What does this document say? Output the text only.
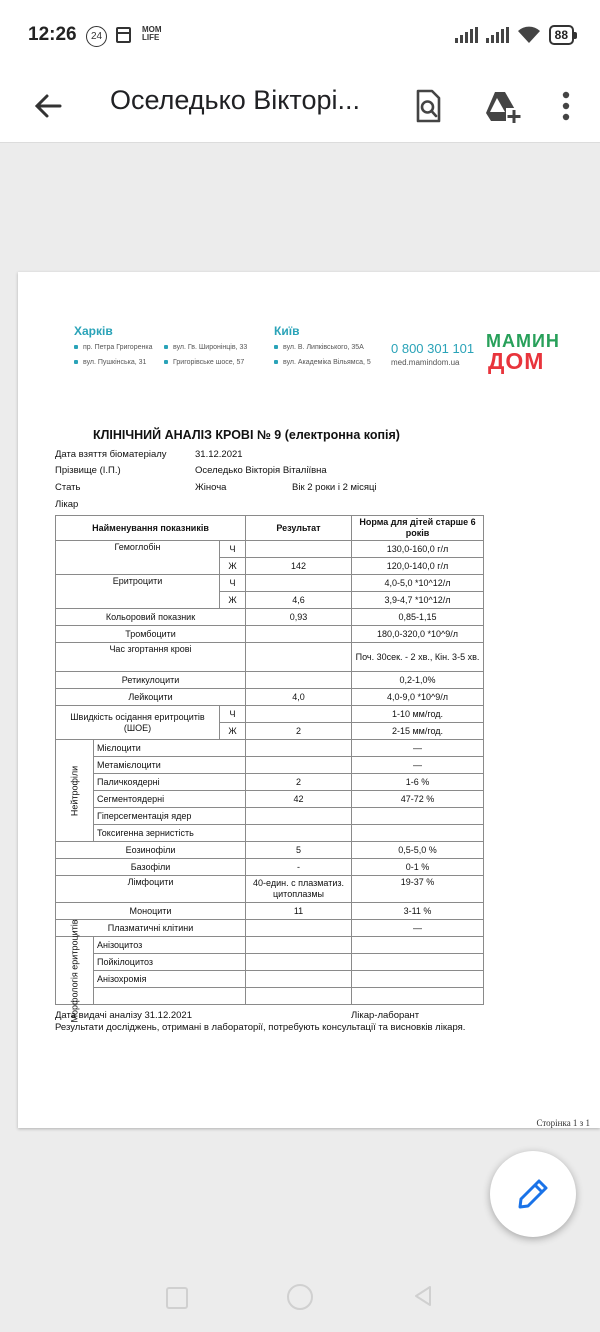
12:26	24
MOM LIFE	88
Оселедько Вікторі...
Харків
пр. Петра Григоренка
вул. Пушкінська, 31
вул. Гв. Широнінців, 33
Григорівське шосе, 57
Київ
вул. В. Липківського, 35А
вул. Академіка Вільямса, 5
0 800 301 101
med.mamindom.ua
МАМИН
ДОМ
КЛІНІЧНИЙ АНАЛІЗ КРОВІ № 9 (електронна копія)
Дата взяття біоматеріалу	31.12.2021
Прізвище (І.П.)	Оселедько Вікторія Віталіївна
Стать	Жіноча	Вік 2 роки і 2 місяці
Лікар
Найменування показників			Результат	Норма для дітей старше 6 років
Гемоглобін		Ч		130,0-160,0 г/л
		Ж	142	120,0-140,0 г/л
Еритроцити		Ч		4,0-5,0 *10^12/л
		Ж	4,6	3,9-4,7 *10^12/л
Кольоровий показник			0,93	0,85-1,15
Тромбоцити				180,0-320,0 *10^9/л
Час згортання крові				Поч. 30сек. - 2 хв., Кін. 3-5 хв.
Ретикулоцити				0,2-1,0%
Лейкоцити			4,0	4,0-9,0 *10^9/л
Швидкість осідання еритроцитів (ШОЕ)		Ч		1-10 мм/год.
		Ж	2	2-15 мм/год.

Нейтрофіли	Мієлоцити			—
	Метамієлоцити			—
	Паличкоядерні		2	1-6 %
	Сегментоядерні		42	47-72 %
	Гіперсегментація ядер			
	Токсигенна зернистість			
Еозинофіли			5	0,5-5,0 %
Базофіли			-	0-1 %
Лімфоцити			40-един. с плазматиз. цитоплазмы	19-37 %
Моноцити			11	3-11 %
Плазматичні клітини				—

Морфологія еритроцитів	Анізоцитоз			
	Пойкілоцитоз			
	Анізохромія			

Дата видачі аналізу 31.12.2021	Лікар-лаборант
Результати досліджень, отримані в лабораторії, потребують консультації та висновків лікаря.
Сторінка 1 з 1
